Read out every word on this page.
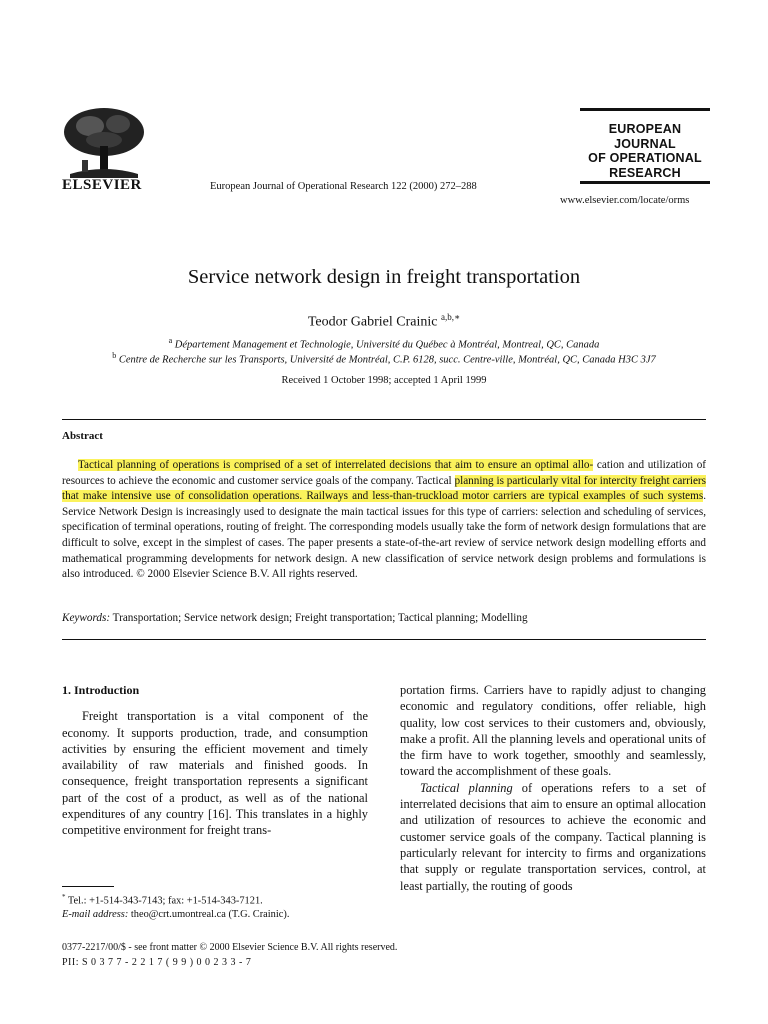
ELSEVIER	European Journal of Operational Research 122 (2000) 272–288
EUROPEAN
JOURNAL
OF OPERATIONAL
RESEARCH
www.elsevier.com/locate/orms
Service network design in freight transportation
Teodor Gabriel Crainic $^{a,b,∗}$
$^a$ Département Management et Technologie, Université du Québec à Montréal, Montreal, QC, Canada
$^b$ Centre de Recherche sur les Transports, Université de Montréal, C.P. 6128, succ. Centre-ville, Montréal, QC, Canada H3C 3J7
Received 1 October 1998; accepted 1 April 1999
Abstract

Tactical planning of operations is comprised of a set of interrelated decisions that aim to ensure an optimal allo- cation and utilization of resources to achieve the economic and customer service goals of the company. Tactical planning is particularly vital for intercity freight carriers that make intensive use of consolidation operations. Railways and less-than-truckload motor carriers are typical examples of such systems. Service Network Design is increasingly used to designate the main tactical issues for this type of carriers: selection and scheduling of services, specification of terminal operations, routing of freight. The corresponding models usually take the form of network design formulations that are difficult to solve, except in the simplest of cases. The paper presents a state-of-the-art review of service network design modelling efforts and mathematical programming developments for network design. A new classification of service network design problems and formulations is also introduced. © 2000 Elsevier Science B.V. All rights reserved.

Keywords: Transportation; Service network design; Freight transportation; Tactical planning; Modelling

1. Introduction

Freight transportation is a vital component of the economy. It supports production, trade, and consumption activities by ensuring the efficient movement and timely availability of raw materials and finished goods. In consequence, freight transportation represents a significant part of the cost of a product, as well as of the national expenditures of any country [16]. This translates in a highly competitive environment for freight trans-

portation firms. Carriers have to rapidly adjust to changing economic and regulatory conditions, offer reliable, high quality, low cost services to their customers and, obviously, make a profit. All the planning levels and operational units of the firm have to work together, smoothly and seamlessly, toward the accomplishment of these goals.

Tactical planning of operations refers to a set of interrelated decisions that aim to ensure an optimal allocation and utilization of resources to achieve the economic and customer service goals of the company. Tactical planning is particularly relevant for intercity to firms and organizations that supply or regulate transportation services, control, at least partially, the routing of goods

* Tel.: +1-514-343-7143; fax: +1-514-343-7121.
E-mail address: theo@crt.umontreal.ca (T.G. Crainic).
0377-2217/00/$ - see front matter © 2000 Elsevier Science B.V. All rights reserved.
PII: S 0 3 7 7 - 2 2 1 7 ( 9 9 ) 0 0 2 3 3 - 7
